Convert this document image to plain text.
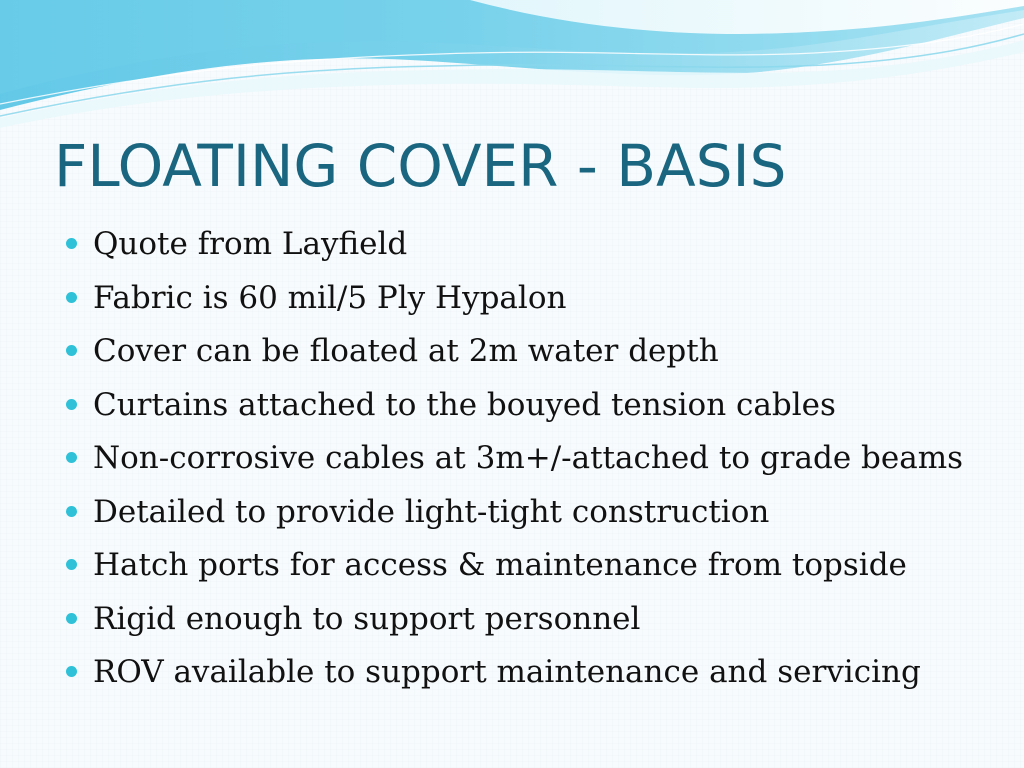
FLOATING COVER - BASIS
Quote from Layfield
Fabric is 60 mil/5 Ply Hypalon
Cover can be floated at 2m water depth
Curtains attached to the bouyed tension cables
Non-corrosive cables at 3m+/-attached to grade beams
Detailed to provide light-tight construction
Hatch ports for access & maintenance from topside
Rigid enough to support personnel
ROV available to support maintenance and servicing
